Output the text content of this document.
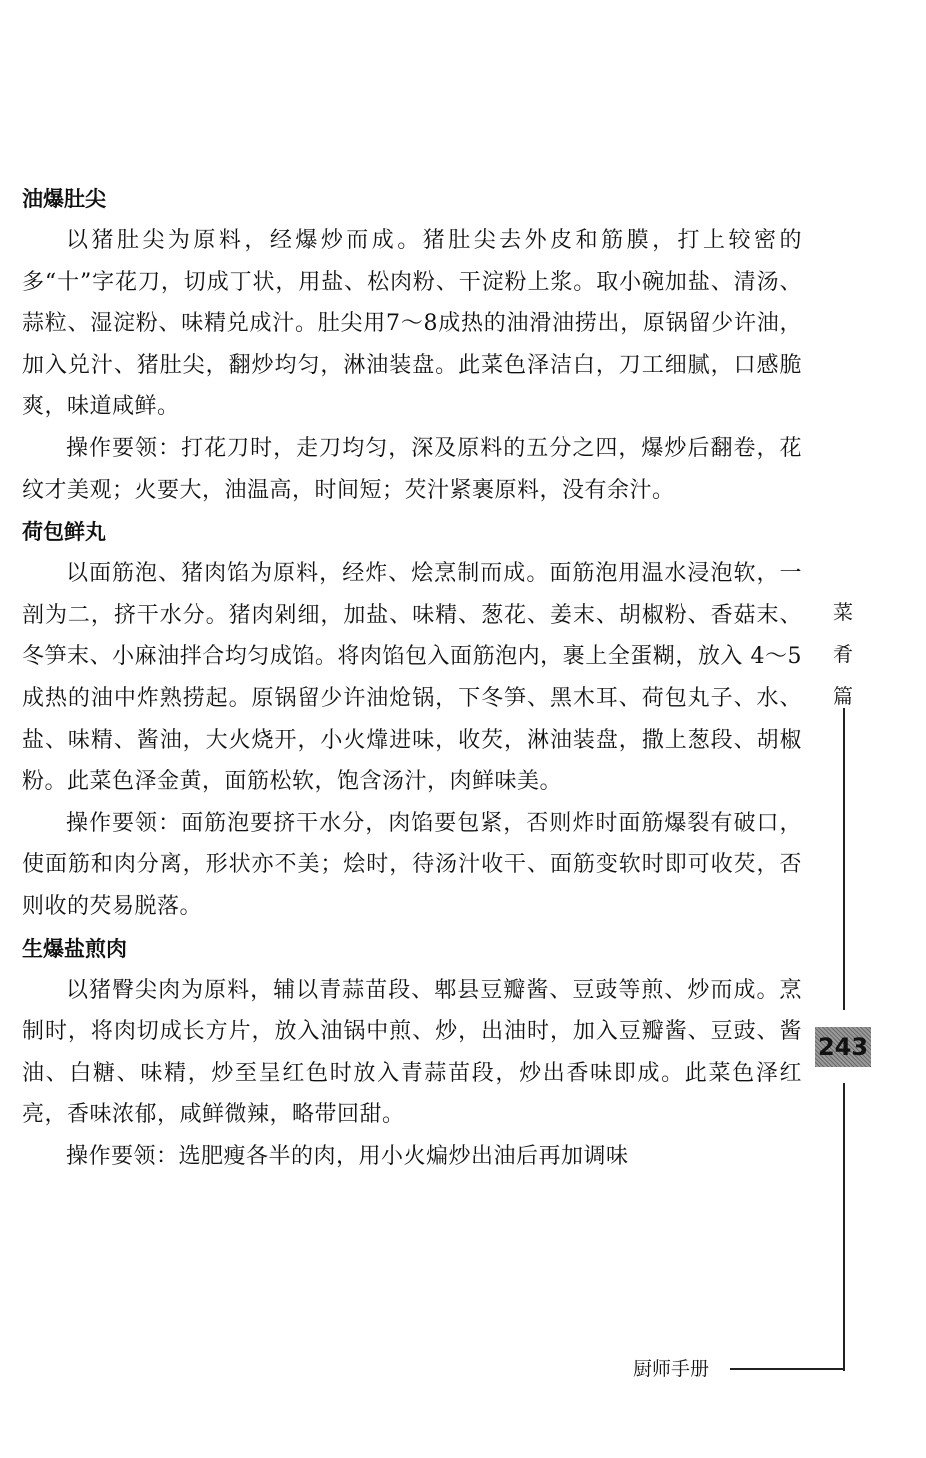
油爆肚尖

以猪肚尖为原料，经爆炒而成。猪肚尖去外皮和筋膜，打上较密的多“十”字花刀，切成丁状，用盐、松肉粉、干淀粉上浆。取小碗加盐、清汤、蒜粒、湿淀粉、味精兑成汁。肚尖用7～8成热的油滑油捞出，原锅留少许油，加入兑汁、猪肚尖，翻炒均匀，淋油装盘。此菜色泽洁白，刀工细腻，口感脆爽，味道咸鲜。

操作要领：打花刀时，走刀均匀，深及原料的五分之四，爆炒后翻卷，花纹才美观；火要大，油温高，时间短；芡汁紧裹原料，没有余汁。

荷包鲜丸

以面筋泡、猪肉馅为原料，经炸、烩烹制而成。面筋泡用温水浸泡软，一剖为二，挤干水分。猪肉剁细，加盐、味精、葱花、姜末、胡椒粉、香菇末、冬笋末、小麻油拌合均匀成馅。将肉馅包入面筋泡内，裹上全蛋糊，放入 4～5 成热的油中炸熟捞起。原锅留少许油炝锅，下冬笋、黑木耳、荷包丸子、水、盐、味精、酱油，大火烧开，小火㸆进味，收芡，淋油装盘，撒上葱段、胡椒粉。此菜色泽金黄，面筋松软，饱含汤汁，肉鲜味美。

操作要领：面筋泡要挤干水分，肉馅要包紧，否则炸时面筋爆裂有破口，使面筋和肉分离，形状亦不美；烩时，待汤汁收干、面筋变软时即可收芡，否则收的芡易脱落。

生爆盐煎肉

以猪臀尖肉为原料，辅以青蒜苗段、郫县豆瓣酱、豆豉等煎、炒而成。烹制时，将肉切成长方片，放入油锅中煎、炒，出油时，加入豆瓣酱、豆豉、酱油、白糖、味精，炒至呈红色时放入青蒜苗段，炒出香味即成。此菜色泽红亮，香味浓郁，咸鲜微辣，略带回甜。

操作要领：选肥瘦各半的肉，用小火煸炒出油后再加调味

菜
肴
篇
243
厨师手册
